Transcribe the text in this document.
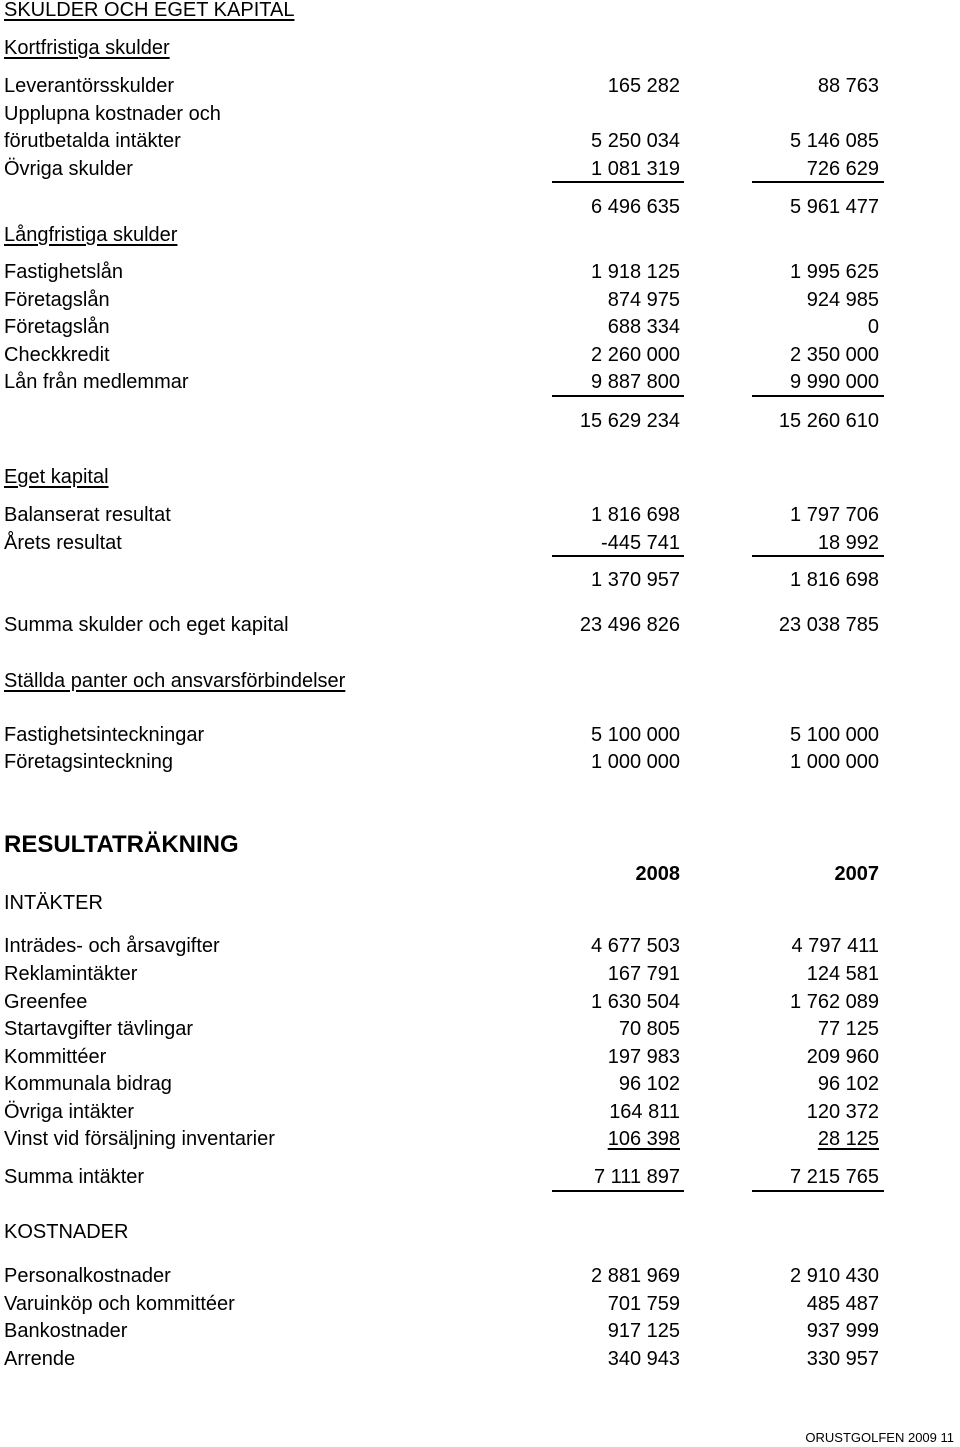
SKULDER OCH EGET KAPITAL
Kortfristiga skulder
Leverantörsskulder	165 282	88 763
Upplupna kostnader och
förutbetalda intäkter	5 250 034	5 146 085
Övriga skulder	1 081 319	726 629
6 496 635	5 961 477
Långfristiga skulder
Fastighetslån	1 918 125	1 995 625
Företagslån	874 975	924 985
Företagslån	688 334	0
Checkkredit	2 260 000	2 350 000
Lån från medlemmar	9 887 800	9 990 000
15 629 234	15 260 610
Eget kapital
Balanserat resultat	1 816 698	1 797 706
Årets resultat	-445 741	18 992
1 370 957	1 816 698
Summa skulder och eget kapital	23 496 826	23 038 785
Ställda panter och ansvarsförbindelser
Fastighetsinteckningar	5 100 000	5 100 000
Företagsinteckning	1 000 000	1 000 000
RESULTATRÄKNING
2008	2007
INTÄKTER
Inträdes- och årsavgifter	4 677 503	4 797 411
Reklamintäkter	167 791	124 581
Greenfee	1 630 504	1 762 089
Startavgifter tävlingar	70 805	77 125
Kommittéer	197 983	209 960
Kommunala bidrag	96 102	96 102
Övriga intäkter	164 811	120 372
Vinst vid försäljning inventarier	106 398	28 125
Summa intäkter	7 111 897	7 215 765
KOSTNADER
Personalkostnader	2 881 969	2 910 430
Varuinköp och kommittéer	701 759	485 487
Bankostnader	917 125	937 999
Arrende	340 943	330 957
ORUSTGOLFEN 2009 11
